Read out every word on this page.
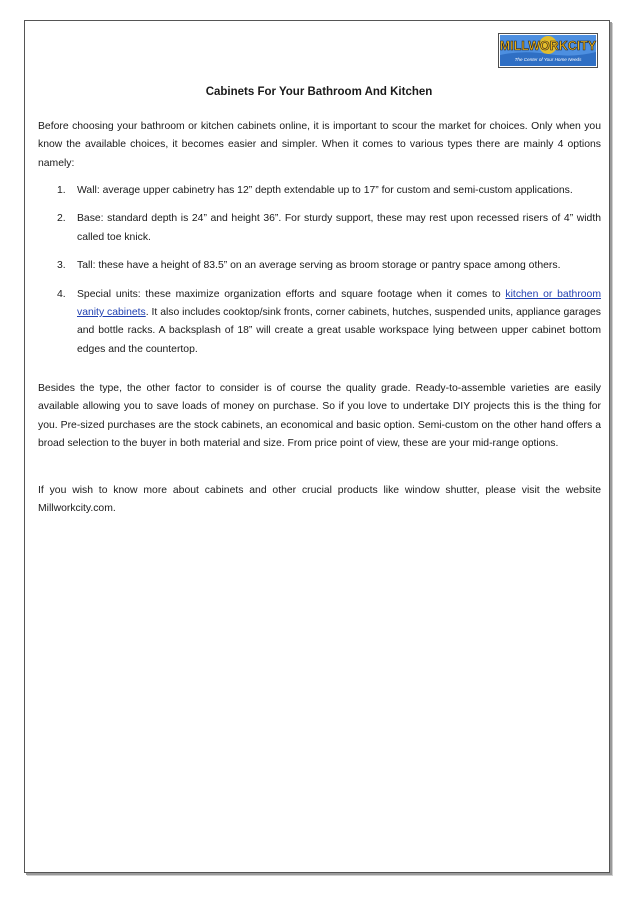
MILLWORKCITY
The Center of Your Home Needs
Cabinets For Your Bathroom And Kitchen
Before choosing your bathroom or kitchen cabinets online, it is important to scour the market for choices. Only when you know the available choices, it becomes easier and simpler. When it comes to various types there are mainly 4 options namely:
1. Wall: average upper cabinetry has 12” depth extendable up to 17” for custom and semi-custom applications.
2. Base: standard depth is 24” and height 36”. For sturdy support, these may rest upon recessed risers of 4” width called toe knick.
3. Tall: these have a height of 83.5” on an average serving as broom storage or pantry space among others.
4. Special units: these maximize organization efforts and square footage when it comes to kitchen or bathroom vanity cabinets. It also includes cooktop/sink fronts, corner cabinets, hutches, suspended units, appliance garages and bottle racks. A backsplash of 18” will create a great usable workspace lying between upper cabinet bottom edges and the countertop.
Besides the type, the other factor to consider is of course the quality grade. Ready-to-assemble varieties are easily available allowing you to save loads of money on purchase. So if you love to undertake DIY projects this is the thing for you. Pre-sized purchases are the stock cabinets, an economical and basic option. Semi-custom on the other hand offers a broad selection to the buyer in both material and size. From price point of view, these are your mid-range options.
If you wish to know more about cabinets and other crucial products like window shutter, please visit the website Millworkcity.com.
